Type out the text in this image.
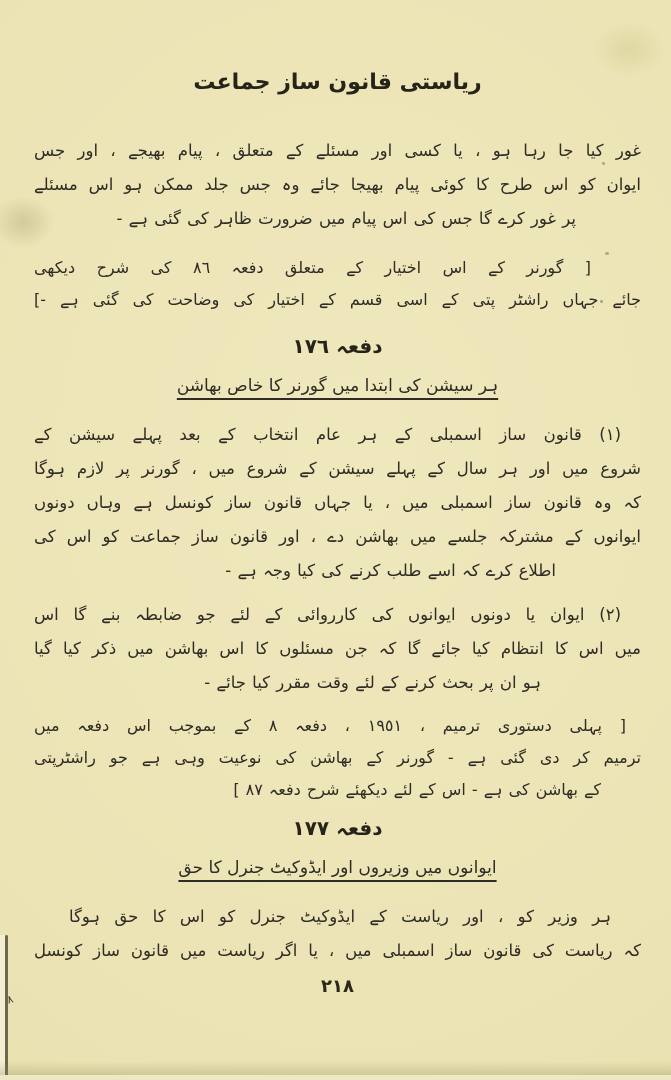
٨
ریاستی قانون ساز جماعت
غور کیا جا رہا ہو ، یا کسی اور مسئلے کے متعلق ، پیام بھیجے ، اور جس
ایوان کو اس طرح کا کوئی پیام بھیجا جائے وہ جس جلد ممکن ہو اس مسئلے
پر غور کرے گا جس کی اس پیام میں ضرورت ظاہر کی گئی ہے -
[ گورنر کے اس اختیار کے متعلق دفعہ ٨٦ کی شرح دیکھی
جائے جہاں راشٹر پتی کے اسی قسم کے اختیار کی وضاحت کی گئی ہے -]
دفعہ ١٧٦
ہر سیشن کی ابتدا میں گورنر کا خاص بھاشن
(١) قانون ساز اسمبلی کے ہر عام انتخاب کے بعد پہلے سیشن کے
شروع میں اور ہر سال کے پہلے سیشن کے شروع میں ، گورنر پر لازم ہوگا
کہ وہ قانون ساز اسمبلی میں ، یا جہاں قانون ساز کونسل ہے وہاں دونوں
ایوانوں کے مشترکہ جلسے میں بھاشن دے ، اور قانون ساز جماعت کو اس کی
اطلاع کرے کہ اسے طلب کرنے کی کیا وجہ ہے -
(٢) ایوان یا دونوں ایوانوں کی کارروائی کے لئے جو ضابطہ بنے گا اس
میں اس کا انتظام کیا جائے گا کہ جن مسئلوں کا اس بھاشن میں ذکر کیا گیا
ہو ان پر بحث کرنے کے لئے وقت مقرر کیا جائے -
[ پہلی دستوری ترمیم ، ١٩٥١ ، دفعہ ٨ کے بموجب اس دفعہ میں
ترمیم کر دی گئی ہے - گورنر کے بھاشن کی نوعیت وہی ہے جو راشٹرپتی
کے بھاشن کی ہے - اس کے لئے دیکھئے شرح دفعہ ٨٧ ]
دفعہ ١٧٧
ایوانوں میں وزیروں اور ایڈوکیٹ جنرل کا حق
ہر وزیر کو ، اور ریاست کے ایڈوکیٹ جنرل کو اس کا حق ہوگا
کہ ریاست کی قانون ساز اسمبلی میں ، یا اگر ریاست میں قانون ساز کونسل
٢١٨
